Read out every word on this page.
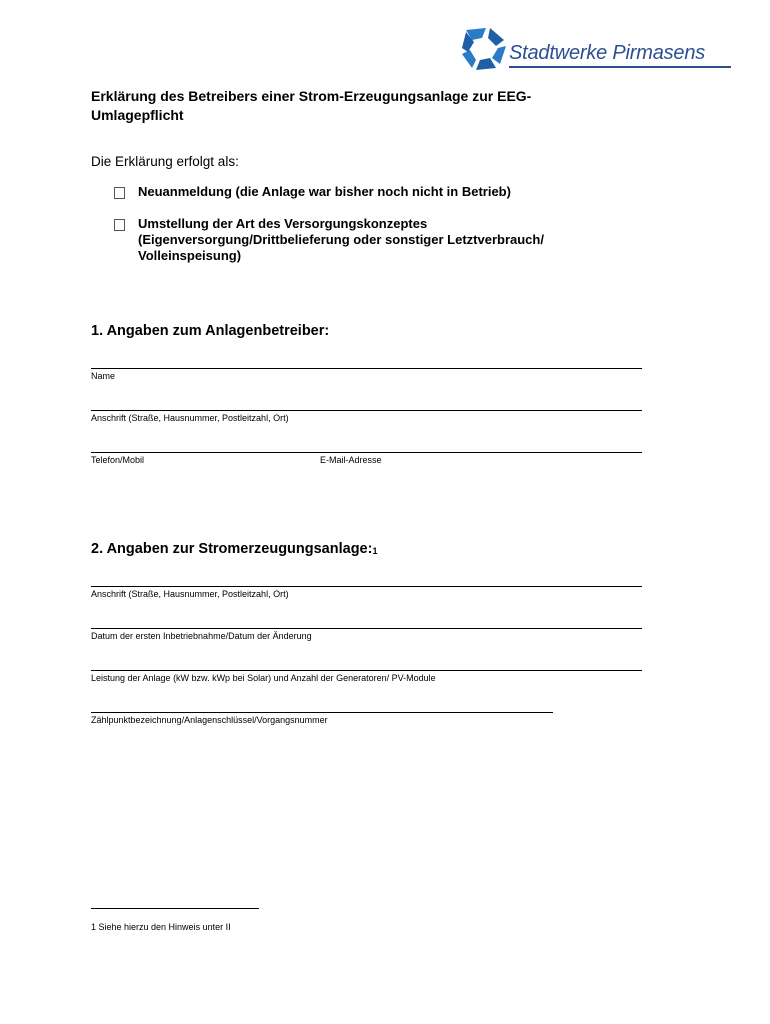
Stadtwerke Pirmasens
Erklärung des Betreibers einer Strom-Erzeugungsanlage zur EEG-Umlagepflicht
Die Erklärung erfolgt als:
Neuanmeldung (die Anlage war bisher noch nicht in Betrieb)
Umstellung der Art des Versorgungskonzeptes (Eigenversorgung/Drittbelieferung oder sonstiger Letztverbrauch/ Volleinspeisung)
1. Angaben zum Anlagenbetreiber:
Name
Anschrift (Straße, Hausnummer, Postleitzahl, Ort)
Telefon/Mobil	E-Mail-Adresse
2. Angaben zur Stromerzeugungsanlage:$^1$
Anschrift (Straße, Hausnummer, Postleitzahl, Ort)
Datum der ersten Inbetriebnahme/Datum der Änderung
Leistung der Anlage (kW bzw. kWp bei Solar) und Anzahl der Generatoren/ PV-Module
Zählpunktbezeichnung/Anlagenschlüssel/Vorgangsnummer
1 Siehe hierzu den Hinweis unter II
